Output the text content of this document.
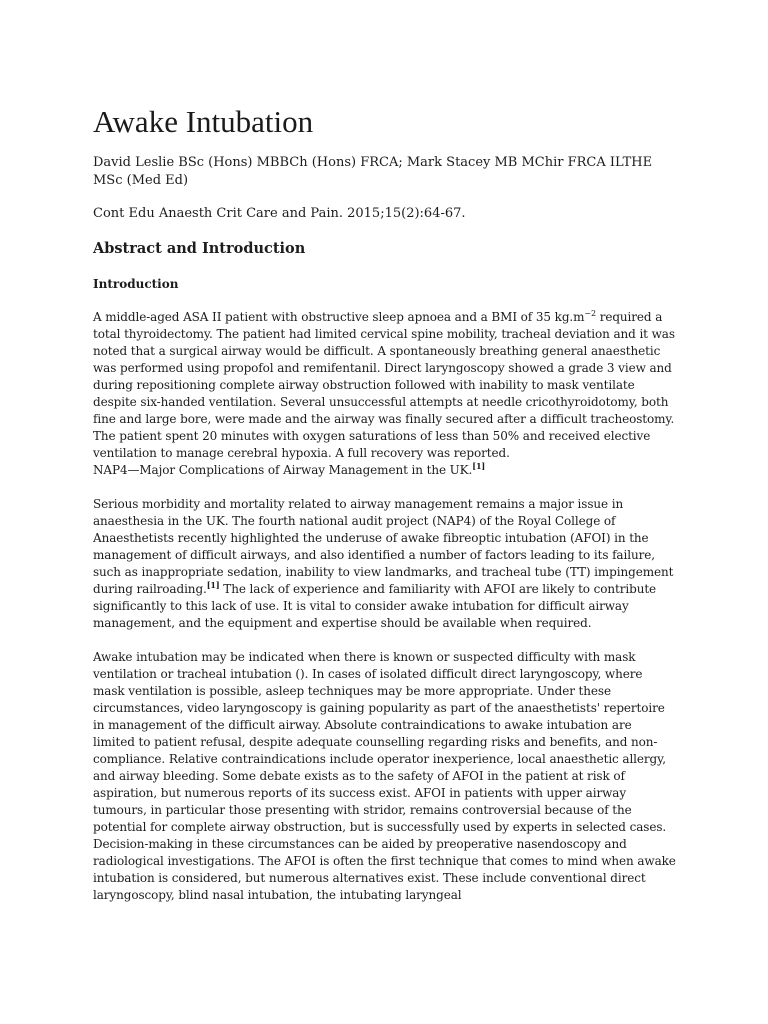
Awake Intubation

David Leslie BSc (Hons) MBBCh (Hons) FRCA; Mark Stacey MB MChir FRCA ILTHE MSc (Med Ed)

Cont Edu Anaesth Crit Care and Pain. 2015;15(2):64-67.

Abstract and Introduction
Introduction

A middle-aged ASA II patient with obstructive sleep apnoea and a BMI of 35 $kg.m^{-2}$ required a total thyroidectomy. The patient had limited cervical spine mobility, tracheal deviation and it was noted that a surgical airway would be difficult. A spontaneously breathing general anaesthetic was performed using propofol and remifentanil. Direct laryngoscopy showed a grade 3 view and during repositioning complete airway obstruction followed with inability to mask ventilate despite six-handed ventilation. Several unsuccessful attempts at needle cricothyroidotomy, both fine and large bore, were made and the airway was finally secured after a difficult tracheostomy. The patient spent 20 minutes with oxygen saturations of less than 50% and received elective ventilation to manage cerebral hypoxia. A full recovery was reported.

NAP4—Major Complications of Airway Management in the UK.[1]

Serious morbidity and mortality related to airway management remains a major issue in anaesthesia in the UK. The fourth national audit project (NAP4) of the Royal College of Anaesthetists recently highlighted the underuse of awake fibreoptic intubation (AFOI) in the management of difficult airways, and also identified a number of factors leading to its failure, such as inappropriate sedation, inability to view landmarks, and tracheal tube (TT) impingement during railroading.[1] The lack of experience and familiarity with AFOI are likely to contribute significantly to this lack of use. It is vital to consider awake intubation for difficult airway management, and the equipment and expertise should be available when required.

Awake intubation may be indicated when there is known or suspected difficulty with mask ventilation or tracheal intubation (). In cases of isolated difficult direct laryngoscopy, where mask ventilation is possible, asleep techniques may be more appropriate. Under these circumstances, video laryngoscopy is gaining popularity as part of the anaesthetists' repertoire in management of the difficult airway. Absolute contraindications to awake intubation are limited to patient refusal, despite adequate counselling regarding risks and benefits, and non-compliance. Relative contraindications include operator inexperience, local anaesthetic allergy, and airway bleeding. Some debate exists as to the safety of AFOI in the patient at risk of aspiration, but numerous reports of its success exist. AFOI in patients with upper airway tumours, in particular those presenting with stridor, remains controversial because of the potential for complete airway obstruction, but is successfully used by experts in selected cases. Decision-making in these circumstances can be aided by preoperative nasendoscopy and radiological investigations. The AFOI is often the first technique that comes to mind when awake intubation is considered, but numerous alternatives exist. These include conventional direct laryngoscopy, blind nasal intubation, the intubating laryngeal
